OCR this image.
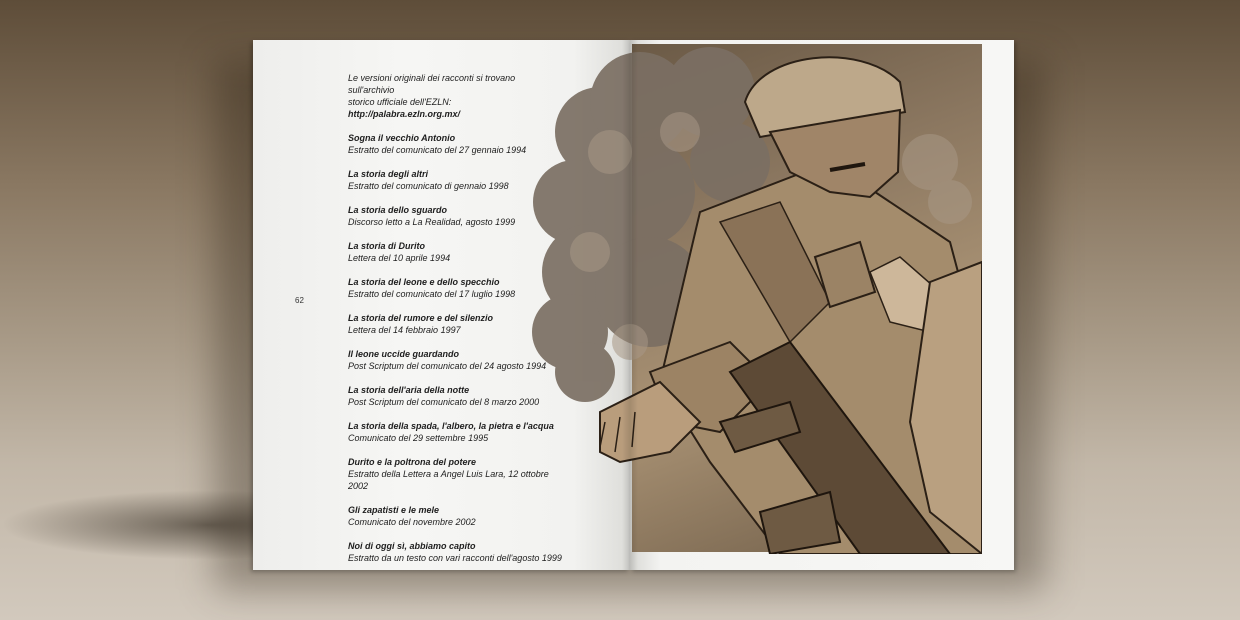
62
Le versioni originali dei racconti si trovano sull'archivio
storico ufficiale dell'EZLN:
http://palabra.ezln.org.mx/
Sogna il vecchio Antonio
Estratto del comunicato del 27 gennaio 1994
La storia degli altri
Estratto del comunicato di gennaio 1998
La storia dello sguardo
Discorso letto a La Realidad, agosto 1999
La storia di Durito
Lettera del 10 aprile 1994
La storia del leone e dello specchio
Estratto del comunicato del 17 luglio 1998
La storia del rumore e del silenzio
Lettera del 14 febbraio 1997
Il leone uccide guardando
Post Scriptum del comunicato del 24 agosto 1994
La storia dell'aria della notte
Post Scriptum del comunicato del 8 marzo 2000
La storia della spada, l'albero, la pietra e l'acqua
Comunicato del 29 settembre 1995
Durito e la poltrona del potere
Estratto della Lettera a Angel Luis Lara, 12 ottobre 2002
Gli zapatisti e le mele
Comunicato del novembre 2002
Noi di oggi sì, abbiamo capito
Estratto da un testo con vari racconti dell'agosto 1999
